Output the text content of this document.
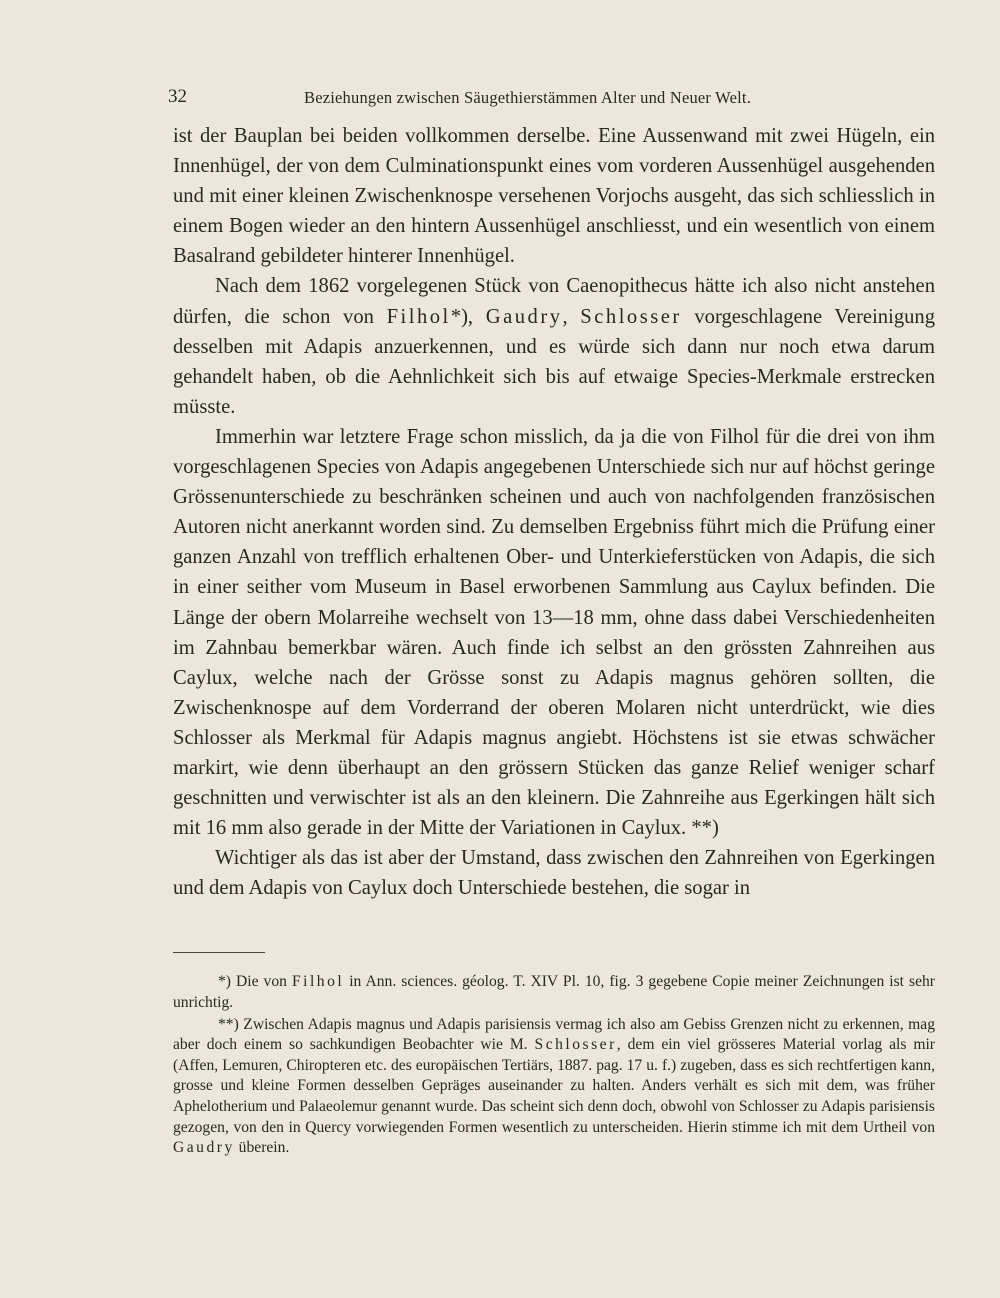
32	Beziehungen zwischen Säugethierstämmen Alter und Neuer Welt.

ist der Bauplan bei beiden vollkommen derselbe. Eine Aussenwand mit zwei Hügeln, ein Innenhügel, der von dem Culminationspunkt eines vom vorderen Aussenhügel ausgehenden und mit einer kleinen Zwischenknospe versehenen Vorjochs ausgeht, das sich schliesslich in einem Bogen wieder an den hintern Aussenhügel anschliesst, und ein wesentlich von einem Basalrand gebildeter hinterer Innenhügel.

Nach dem 1862 vorgelegenen Stück von Caenopithecus hätte ich also nicht anstehen dürfen, die schon von Filhol*), Gaudry, Schlosser vorgeschlagene Vereinigung desselben mit Adapis anzuerkennen, und es würde sich dann nur noch etwa darum gehandelt haben, ob die Aehnlichkeit sich bis auf etwaige Species-Merkmale erstrecken müsste.

Immerhin war letztere Frage schon misslich, da ja die von Filhol für die drei von ihm vorgeschlagenen Species von Adapis angegebenen Unterschiede sich nur auf höchst geringe Grössenunterschiede zu beschränken scheinen und auch von nachfolgenden französischen Autoren nicht anerkannt worden sind. Zu demselben Ergebniss führt mich die Prüfung einer ganzen Anzahl von trefflich erhaltenen Ober- und Unterkieferstücken von Adapis, die sich in einer seither vom Museum in Basel erworbenen Sammlung aus Caylux befinden. Die Länge der obern Molarreihe wechselt von 13—18 mm, ohne dass dabei Verschiedenheiten im Zahnbau bemerkbar wären. Auch finde ich selbst an den grössten Zahnreihen aus Caylux, welche nach der Grösse sonst zu Adapis magnus gehören sollten, die Zwischenknospe auf dem Vorderrand der oberen Molaren nicht unterdrückt, wie dies Schlosser als Merkmal für Adapis magnus angiebt. Höchstens ist sie etwas schwächer markirt, wie denn überhaupt an den grössern Stücken das ganze Relief weniger scharf geschnitten und verwischter ist als an den kleinern. Die Zahnreihe aus Egerkingen hält sich mit 16 mm also gerade in der Mitte der Variationen in Caylux. **)

Wichtiger als das ist aber der Umstand, dass zwischen den Zahnreihen von Egerkingen und dem Adapis von Caylux doch Unterschiede bestehen, die sogar in

*) Die von Filhol in Ann. sciences. géolog. T. XIV Pl. 10, fig. 3 gegebene Copie meiner Zeichnungen ist sehr unrichtig.

**) Zwischen Adapis magnus und Adapis parisiensis vermag ich also am Gebiss Grenzen nicht zu erkennen, mag aber doch einem so sachkundigen Beobachter wie M. Schlosser, dem ein viel grösseres Material vorlag als mir (Affen, Lemuren, Chiropteren etc. des europäischen Tertiärs, 1887. pag. 17 u. f.) zugeben, dass es sich rechtfertigen kann, grosse und kleine Formen desselben Gepräges auseinander zu halten. Anders verhält es sich mit dem, was früher Aphelotherium und Palaeolemur genannt wurde. Das scheint sich denn doch, obwohl von Schlosser zu Adapis parisiensis gezogen, von den in Quercy vorwiegenden Formen wesentlich zu unterscheiden. Hierin stimme ich mit dem Urtheil von Gaudry überein.
